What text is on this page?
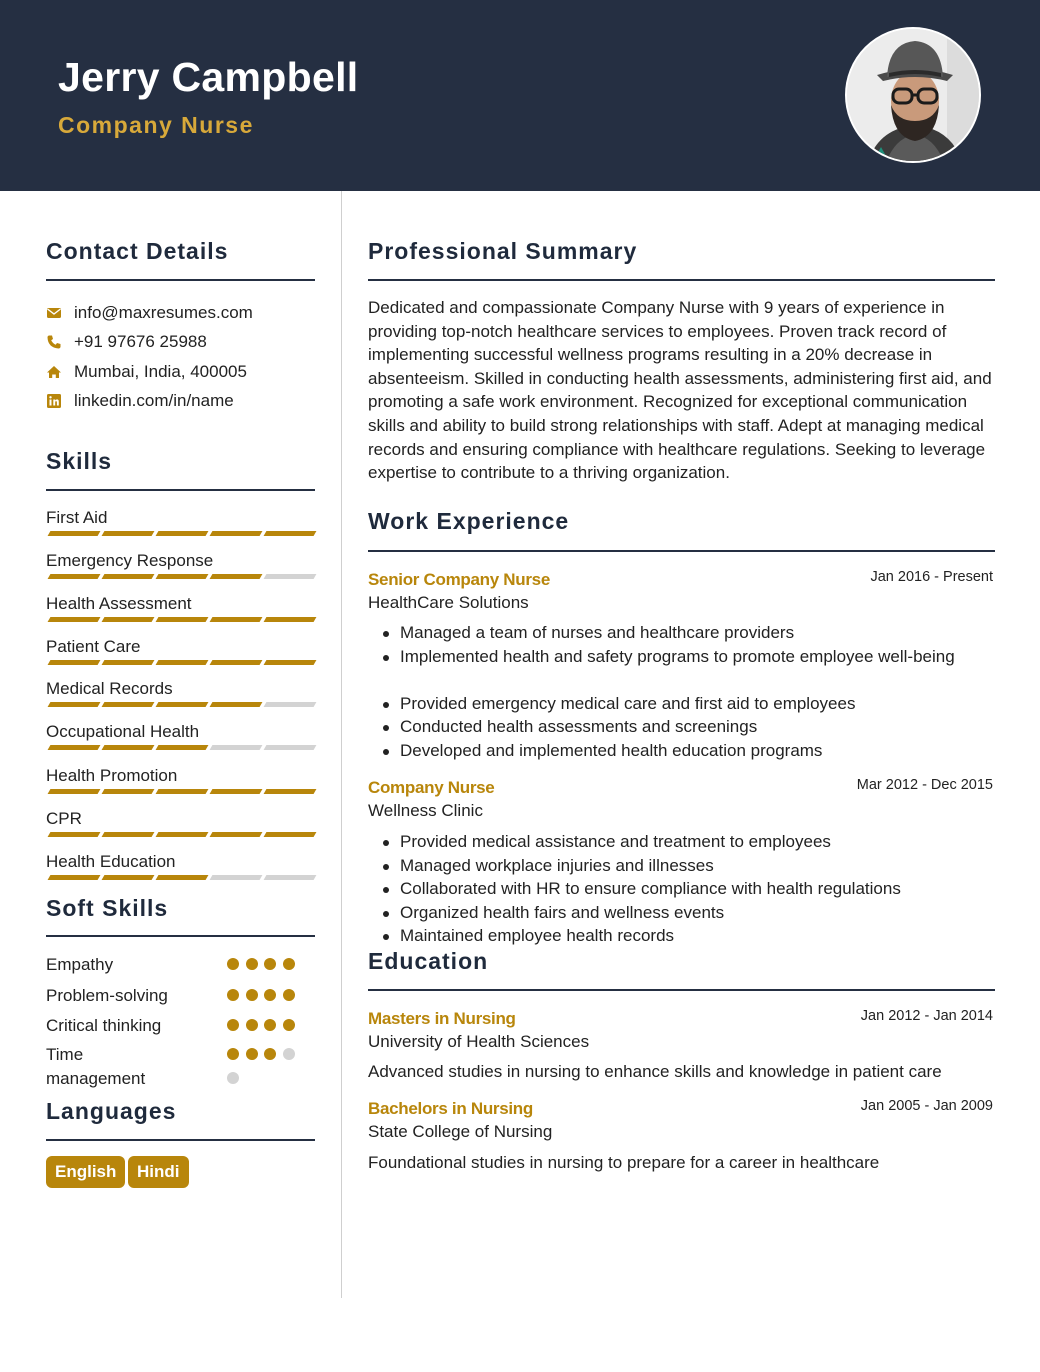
Jerry Campbell
Company Nurse
Contact Details
info@maxresumes.com
+91 97676 25988
Mumbai, India, 400005
linkedin.com/in/name
Skills
First Aid
Emergency Response
Health Assessment
Patient Care
Medical Records
Occupational Health
Health Promotion
CPR
Health Education
Soft Skills
Empathy
Problem-solving
Critical thinking
Time management
Languages
English	Hindi
Professional Summary
Dedicated and compassionate Company Nurse with 9 years of experience in providing top-notch healthcare services to employees. Proven track record of implementing successful wellness programs resulting in a 20% decrease in absenteeism. Skilled in conducting health assessments, administering first aid, and promoting a safe work environment. Recognized for exceptional communication skills and ability to build strong relationships with staff. Adept at managing medical records and ensuring compliance with healthcare regulations. Seeking to leverage expertise to contribute to a thriving organization.
Work Experience
Senior Company Nurse	Jan 2016 - Present
HealthCare Solutions
Managed a team of nurses and healthcare providers
Implemented health and safety programs to promote employee well-being
Provided emergency medical care and first aid to employees
Conducted health assessments and screenings
Developed and implemented health education programs
Company Nurse	Mar 2012 - Dec 2015
Wellness Clinic
Provided medical assistance and treatment to employees
Managed workplace injuries and illnesses
Collaborated with HR to ensure compliance with health regulations
Organized health fairs and wellness events
Maintained employee health records
Education
Masters in Nursing	Jan 2012 - Jan 2014
University of Health Sciences
Advanced studies in nursing to enhance skills and knowledge in patient care
Bachelors in Nursing	Jan 2005 - Jan 2009
State College of Nursing
Foundational studies in nursing to prepare for a career in healthcare
